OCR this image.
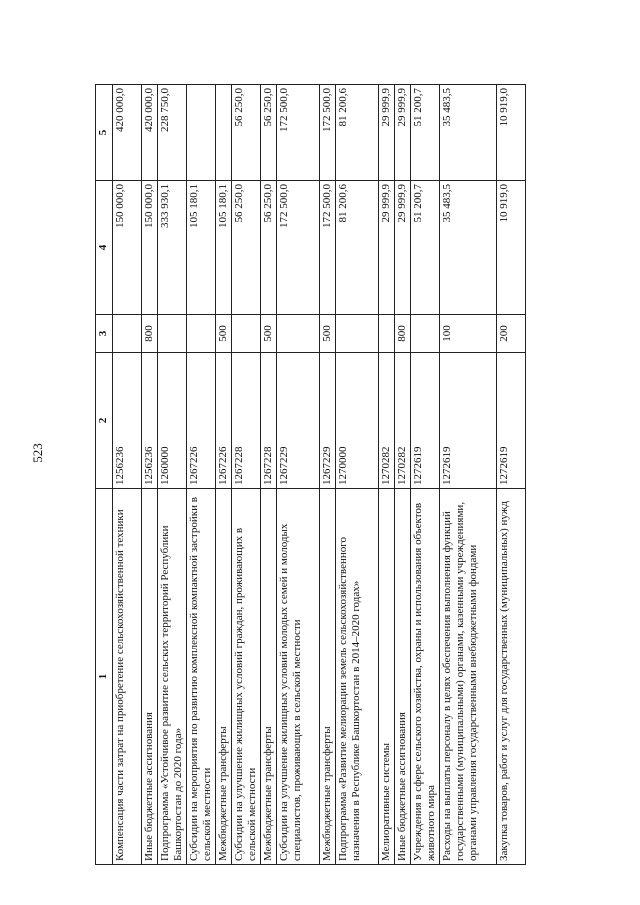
523
1	2	3	4	5
Компенсация части затрат на приобретение сельскохозяйственной техники	1256236		150 000,0	420 000,0
Иные бюджетные ассигнования	1256236	800	150 000,0	420 000,0
Подпрограмма «Устойчивое развитие сельских территорий Республики Башкортостан до 2020 года»	1260000		333 930,1	228 750,0
Субсидии на мероприятия по развитию комплексной компактной застройки в сельской местности	1267226		105 180,1	
Межбюджетные трансферты	1267226	500	105 180,1	
Субсидии на улучшение жилищных условий граждан, проживающих в сельской местности	1267228		56 250,0	56 250,0
Межбюджетные трансферты	1267228	500	56 250,0	56 250,0
Субсидии на улучшение жилищных условий молодых семей и молодых специалистов, проживающих в сельской местности	1267229		172 500,0	172 500,0
Межбюджетные трансферты	1267229	500	172 500,0	172 500,0
Подпрограмма «Развитие мелиорации земель сельскохозяйственного назначения в Республике Башкортостан в 2014–2020 годах»	1270000		81 200,6	81 200,6
Мелиоративные системы	1270282		29 999,9	29 999,9
Иные бюджетные ассигнования	1270282	800	29 999,9	29 999,9
Учреждения в сфере сельского хозяйства, охраны и использования объектов животного мира	1272619		51 200,7	51 200,7
Расходы на выплаты персоналу в целях обеспечения выполнения функций государственными (муниципальными) органами, казенными учреждениями, органами управления государственными внебюджетными фондами	1272619	100	35 483,5	35 483,5
Закупка товаров, работ и услуг для государственных (муниципальных) нужд	1272619	200	10 919,0	10 919,0
